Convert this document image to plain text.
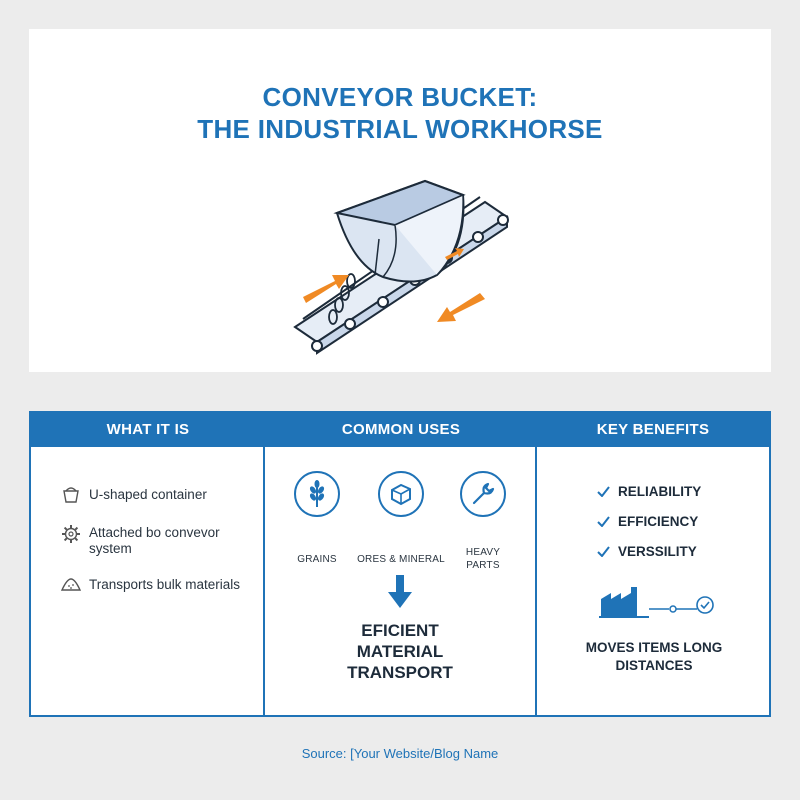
CONVEYOR BUCKET:
THE INDUSTRIAL WORKHORSE
WHAT IT IS	COMMON USES	KEY BENEFITS
U-shaped container
Attached bo convevor system
Transports bulk materials
GRAINS	ORES & MINERAL
HEAVY PARTS
EFICIENT MATERIAL TRANSPORT
RELIABILITY
EFFICIENCY
VERSSILITY
MOVES ITEMS LONG DISTANCES
Source: [Your Website/Blog Name
